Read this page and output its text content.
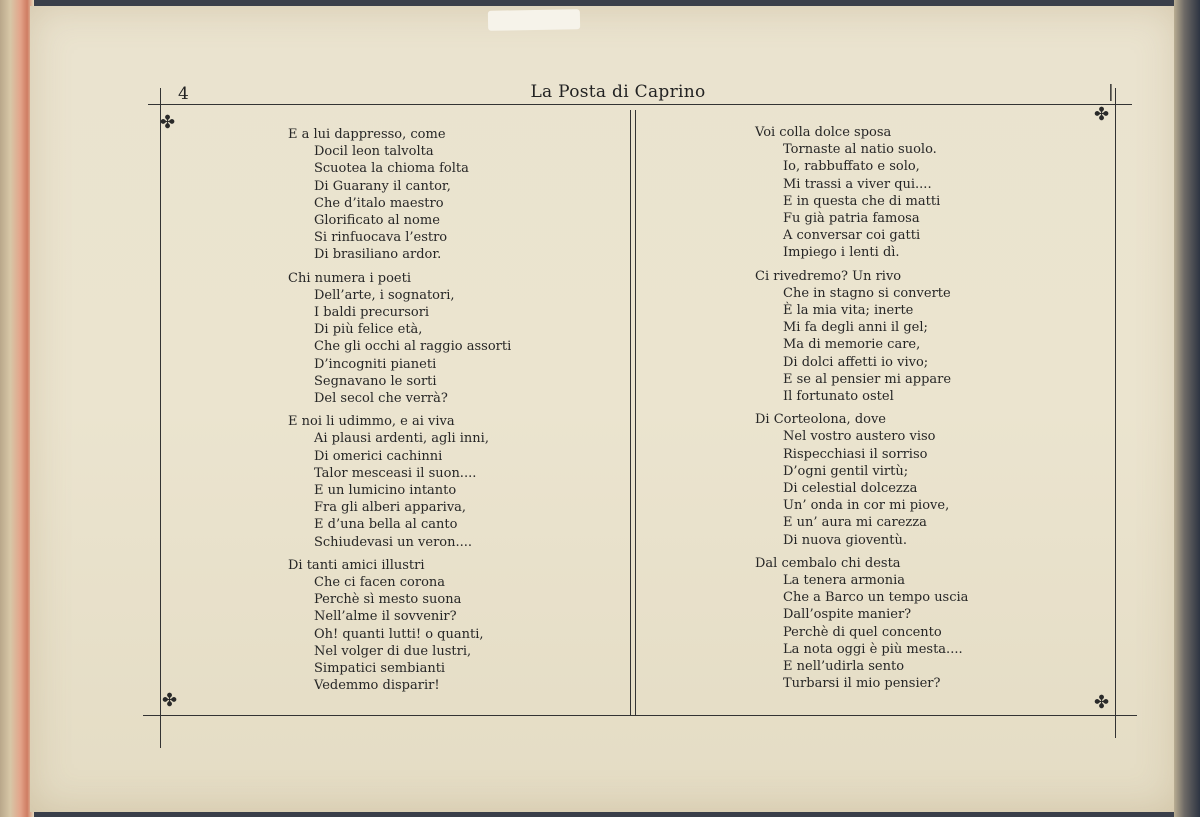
4	La Posta di Caprino	|
✤	✤
✤	✤
E a lui dappresso, come
Docil leon talvolta
Scuotea la chioma folta
Di Guarany il cantor,
Che d’italo maestro
Glorificato al nome
Si rinfuocava l’estro
Di brasiliano ardor.
Chi numera i poeti
Dell’arte, i sognatori,
I baldi precursori
Di più felice età,
Che gli occhi al raggio assorti
D’incogniti pianeti
Segnavano le sorti
Del secol che verrà?
E noi li udimmo, e ai viva
Ai plausi ardenti, agli inni,
Di omerici cachinni
Talor mesceasi il suon....
E un lumicino intanto
Fra gli alberi appariva,
E d’una bella al canto
Schiudevasi un veron....
Di tanti amici illustri
Che ci facen corona
Perchè sì mesto suona
Nell’alme il sovvenir?
Oh! quanti lutti! o quanti,
Nel volger di due lustri,
Simpatici sembianti
Vedemmo disparir!
Voi colla dolce sposa
Tornaste al natio suolo.
Io, rabbuffato e solo,
Mi trassi a viver qui....
E in questa che di matti
Fu già patria famosa
A conversar coi gatti
Impiego i lenti dì.
Ci rivedremo? Un rivo
Che in stagno si converte
È la mia vita; inerte
Mi fa degli anni il gel;
Ma di memorie care,
Di dolci affetti io vivo;
E se al pensier mi appare
Il fortunato ostel
Di Corteolona, dove
Nel vostro austero viso
Rispecchiasi il sorriso
D’ogni gentil virtù;
Di celestial dolcezza
Un’ onda in cor mi piove,
E un’ aura mi carezza
Di nuova gioventù.
Dal cembalo chi desta
La tenera armonia
Che a Barco un tempo uscia
Dall’ospite manier?
Perchè di quel concento
La nota oggi è più mesta....
E nell’udirla sento
Turbarsi il mio pensier?
